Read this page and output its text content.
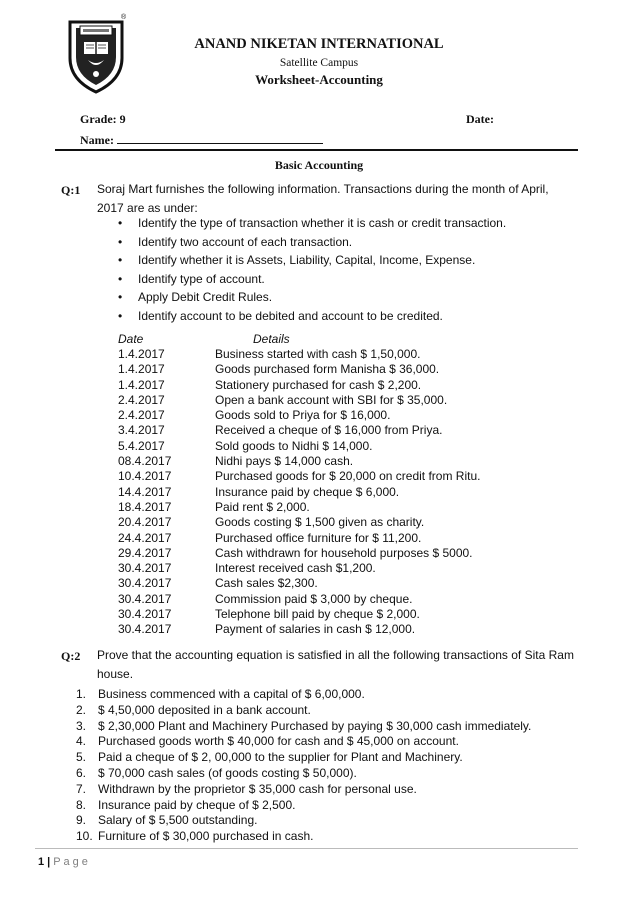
®
ANAND NIKETAN INTERNATIONAL
Satellite Campus
Worksheet-Accounting
Grade: 9	Date:
Name:
Basic Accounting
Q:1 Soraj Mart furnishes the following information. Transactions during the month of April, 2017 are as under:
• Identify the type of transaction whether it is cash or credit transaction.
• Identify two account of each transaction.
• Identify whether it is Assets, Liability, Capital, Income, Expense.
• Identify type of account.
• Apply Debit Credit Rules.
• Identify account to be debited and account to be credited.
Date	Details
1.4.2017	Business started with cash $ 1,50,000.
1.4.2017	Goods purchased form Manisha $ 36,000.
1.4.2017	Stationery purchased for cash $ 2,200.
2.4.2017	Open a bank account with SBI for $ 35,000.
2.4.2017	Goods sold to Priya for $ 16,000.
3.4.2017	Received a cheque of $ 16,000 from Priya.
5.4.2017	Sold goods to Nidhi $ 14,000.
08.4.2017	Nidhi pays $ 14,000 cash.
10.4.2017	Purchased goods for $ 20,000 on credit from Ritu.
14.4.2017	Insurance paid by cheque $ 6,000.
18.4.2017	Paid rent $ 2,000.
20.4.2017	Goods costing $ 1,500 given as charity.
24.4.2017	Purchased office furniture for $ 11,200.
29.4.2017	Cash withdrawn for household purposes $ 5000.
30.4.2017	Interest received cash $1,200.
30.4.2017	Cash sales $2,300.
30.4.2017	Commission paid $ 3,000 by cheque.
30.4.2017	Telephone bill paid by cheque $ 2,000.
30.4.2017	Payment of salaries in cash $ 12,000.
Q:2 Prove that the accounting equation is satisfied in all the following transactions of Sita Ram house.
1. Business commenced with a capital of $ 6,00,000.
2. $ 4,50,000 deposited in a bank account.
3. $ 2,30,000 Plant and Machinery Purchased by paying $ 30,000 cash immediately.
4. Purchased goods worth $ 40,000 for cash and $ 45,000 on account.
5. Paid a cheque of $ 2, 00,000 to the supplier for Plant and Machinery.
6. $ 70,000 cash sales (of goods costing $ 50,000).
7. Withdrawn by the proprietor $ 35,000 cash for personal use.
8. Insurance paid by cheque of $ 2,500.
9. Salary of $ 5,500 outstanding.
10. Furniture of $ 30,000 purchased in cash.
1 | Page
